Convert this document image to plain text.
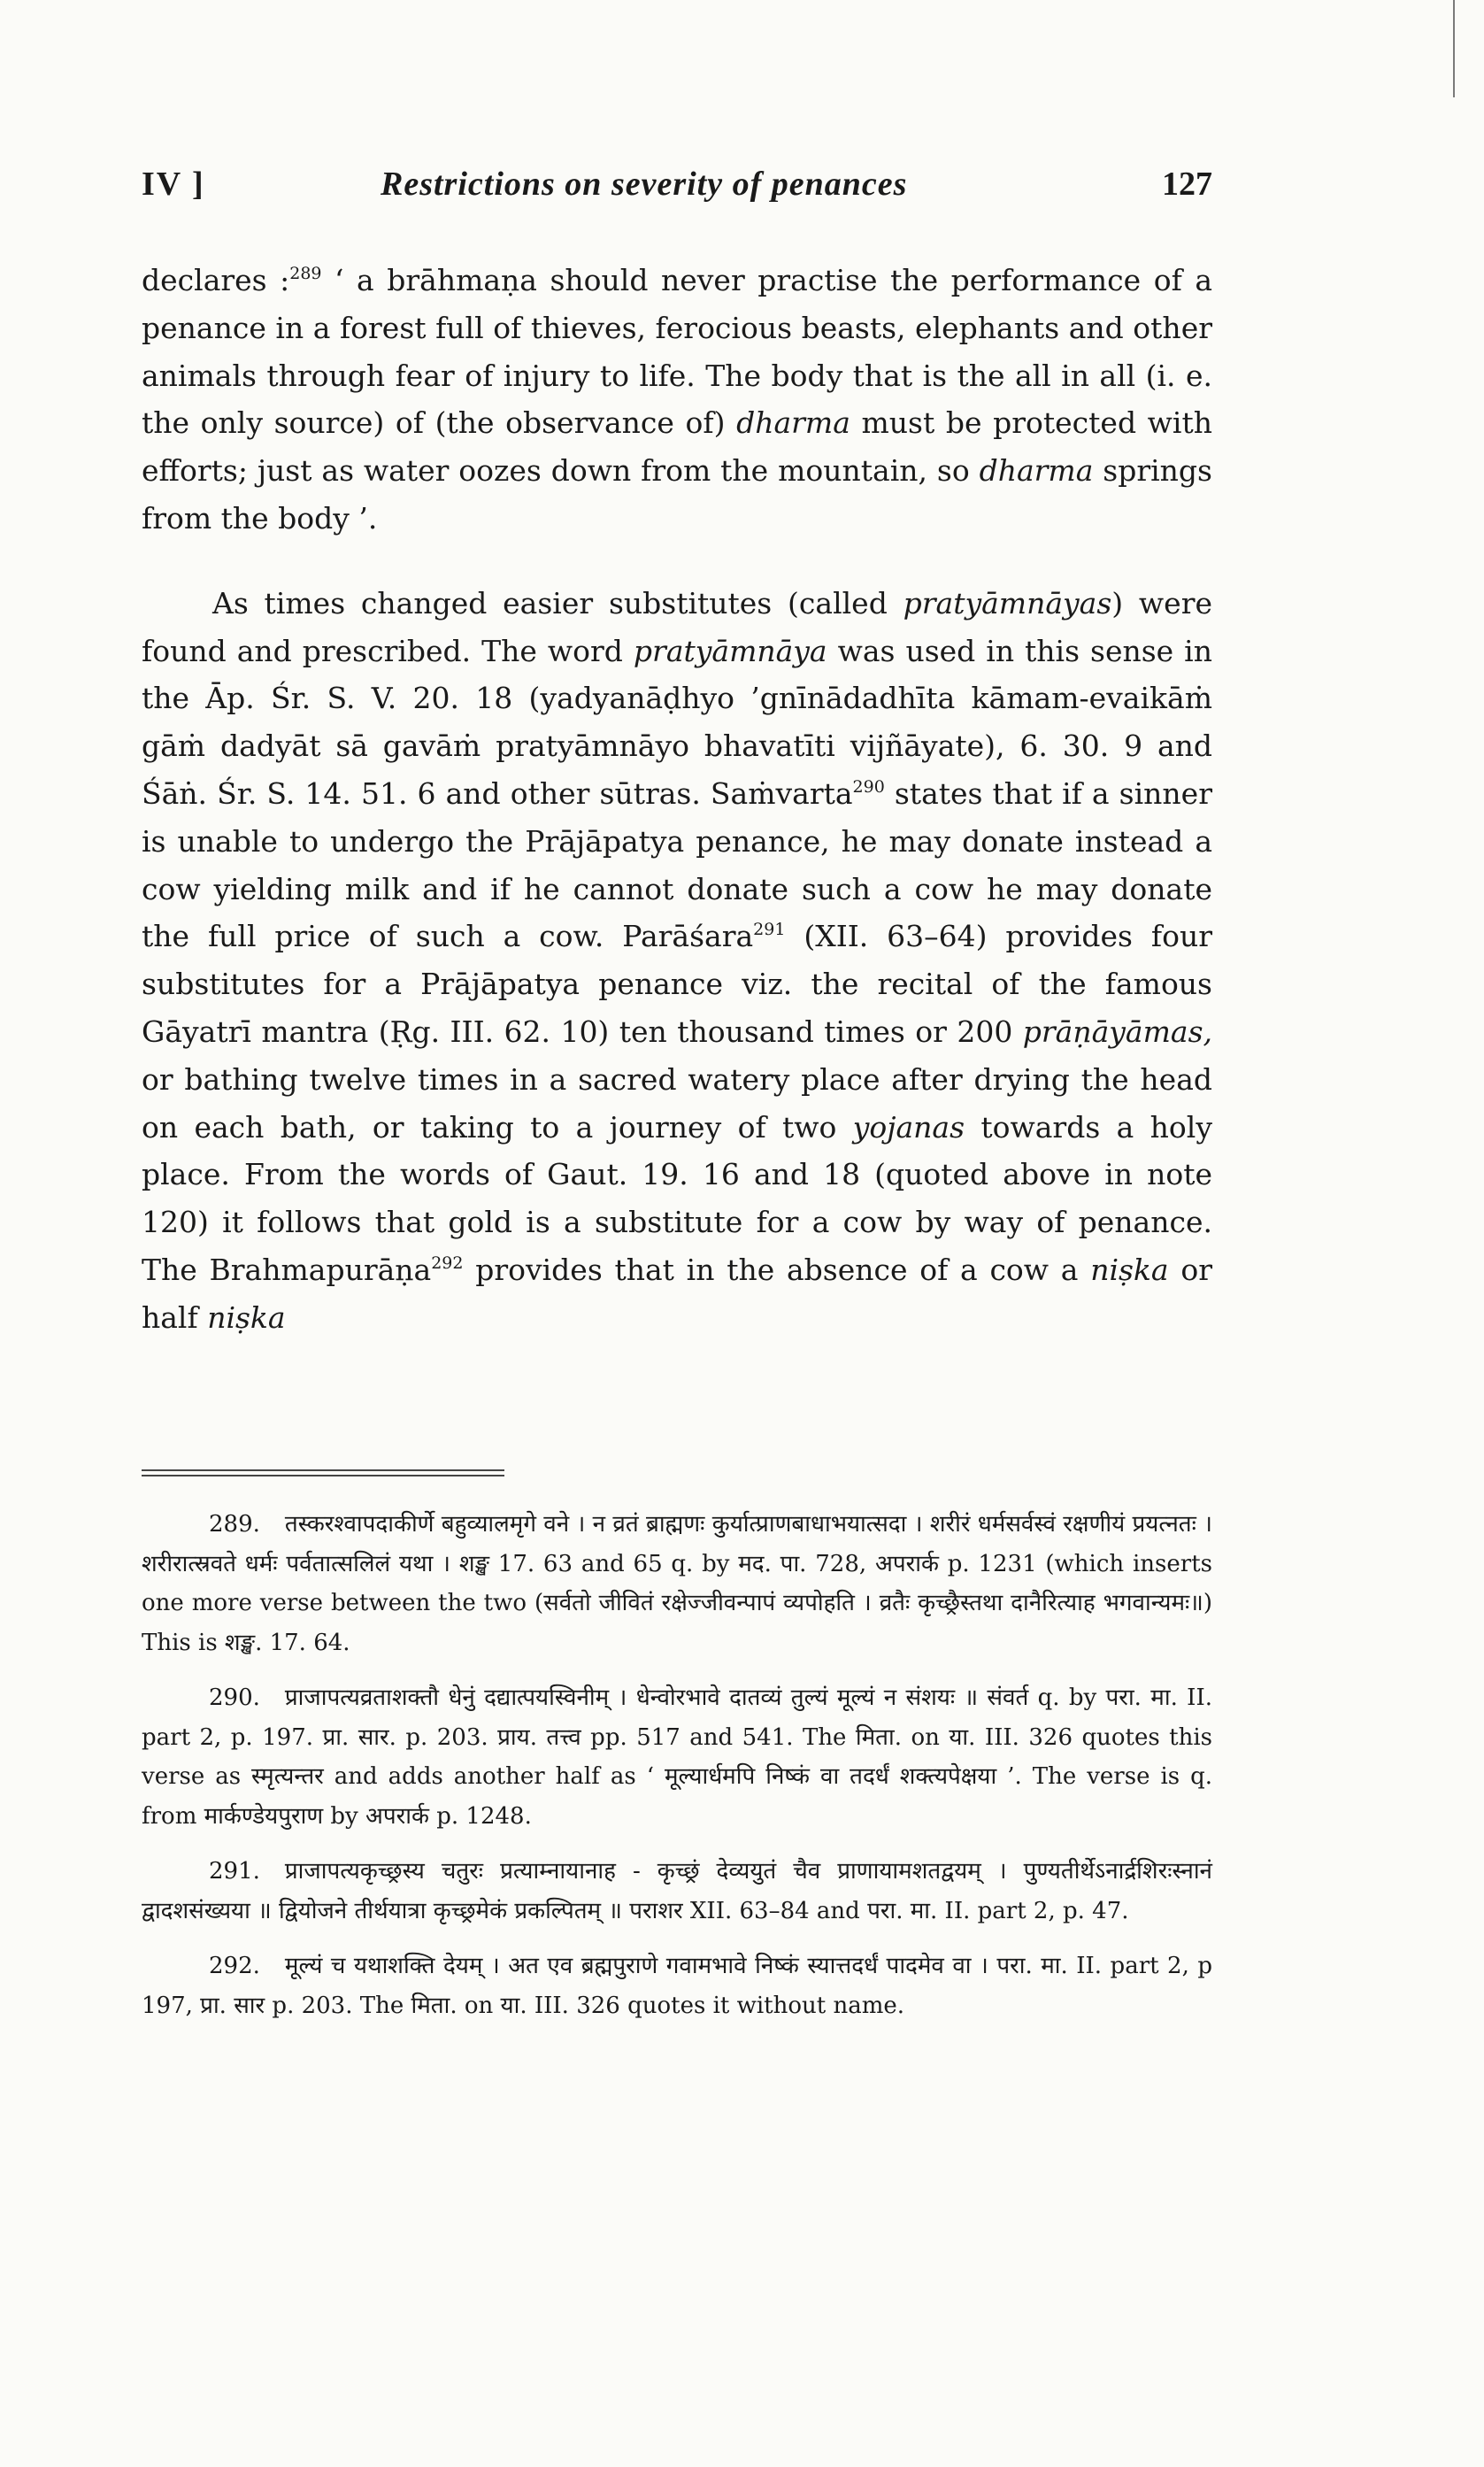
IV ]	Restrictions on severity of penances	127

declares :$^{289}$ ‘ a brāhmaṇa should never practise the performance of a penance in a forest full of thieves, ferocious beasts, elephants and other animals through fear of injury to life. The body that is the all in all (i. e. the only source) of (the observance of) dharma must be protected with efforts; just as water oozes down from the mountain, so dharma springs from the body ’.

As times changed easier substitutes (called pratyāmnāyas) were found and prescribed. The word pratyāmnāya was used in this sense in the Āp. Śr. S. V. 20. 18 (yadyanāḍhyo ’gnīnādadhīta kāmam-evaikāṁ gāṁ dadyāt sā gavāṁ pratyāmnāyo bhavatīti vijñāyate), 6. 30. 9 and Śāṅ. Śr. S. 14. 51. 6 and other sūtras. Saṁvarta$^{290}$ states that if a sinner is unable to undergo the Prājāpatya penance, he may donate instead a cow yielding milk and if he cannot donate such a cow he may donate the full price of such a cow. Parāśara$^{291}$ (XII. 63–64) provides four substitutes for a Prājāpatya penance viz. the recital of the famous Gāyatrī mantra (Ṛg. III. 62. 10) ten thousand times or 200 prāṇāyāmas, or bathing twelve times in a sacred watery place after drying the head on each bath, or taking to a journey of two yojanas towards a holy place. From the words of Gaut. 19. 16 and 18 (quoted above in note 120) it follows that gold is a substitute for a cow by way of penance. The Brahmapurāṇa$^{292}$ provides that in the absence of a cow a niṣka or half niṣka

289. तस्करश्वापदाकीर्णे बहुव्यालमृगे वने । न व्रतं ब्राह्मणः कुर्यात्प्राणबाधाभयात्सदा । शरीरं धर्मसर्वस्वं रक्षणीयं प्रयत्नतः । शरीरात्स्रवते धर्मः पर्वतात्सलिलं यथा । शङ्ख 17. 63 and 65 q. by मद. पा. 728, अपरार्क p. 1231 (which inserts one more verse between the two (सर्वतो जीवितं रक्षेज्जीवन्पापं व्यपोहति । व्रतैः कृच्छ्रैस्तथा दानैरित्याह भगवान्यमः॥) This is शङ्ख. 17. 64.
290. प्राजापत्यव्रताशक्तौ धेनुं दद्यात्पयस्विनीम् । धेन्वोरभावे दातव्यं तुल्यं मूल्यं न संशयः ॥ संवर्त q. by परा. मा. II. part 2, p. 197. प्रा. सार. p. 203. प्राय. तत्त्व pp. 517 and 541. The मिता. on या. III. 326 quotes this verse as स्मृत्यन्तर and adds another half as ‘ मूल्यार्धमपि निष्कं वा तदर्धं शक्त्यपेक्षया ’. The verse is q. from मार्कण्डेयपुराण by अपरार्क p. 1248.
291. प्राजापत्यकृच्छ्रस्य चतुरः प्रत्याम्नायानाह - कृच्छ्रं देव्ययुतं चैव प्राणायामशतद्वयम् । पुण्यतीर्थेऽनार्द्रशिरःस्नानं द्वादशसंख्यया ॥ द्वियोजने तीर्थयात्रा कृच्छ्रमेकं प्रकल्पितम् ॥ पराशर XII. 63–84 and परा. मा. II. part 2, p. 47.
292. मूल्यं च यथाशक्ति देयम् । अत एव ब्रह्मपुराणे गवामभावे निष्कं स्यात्तदर्धं पादमेव वा । परा. मा. II. part 2, p 197, प्रा. सार p. 203. The मिता. on या. III. 326 quotes it without name.
